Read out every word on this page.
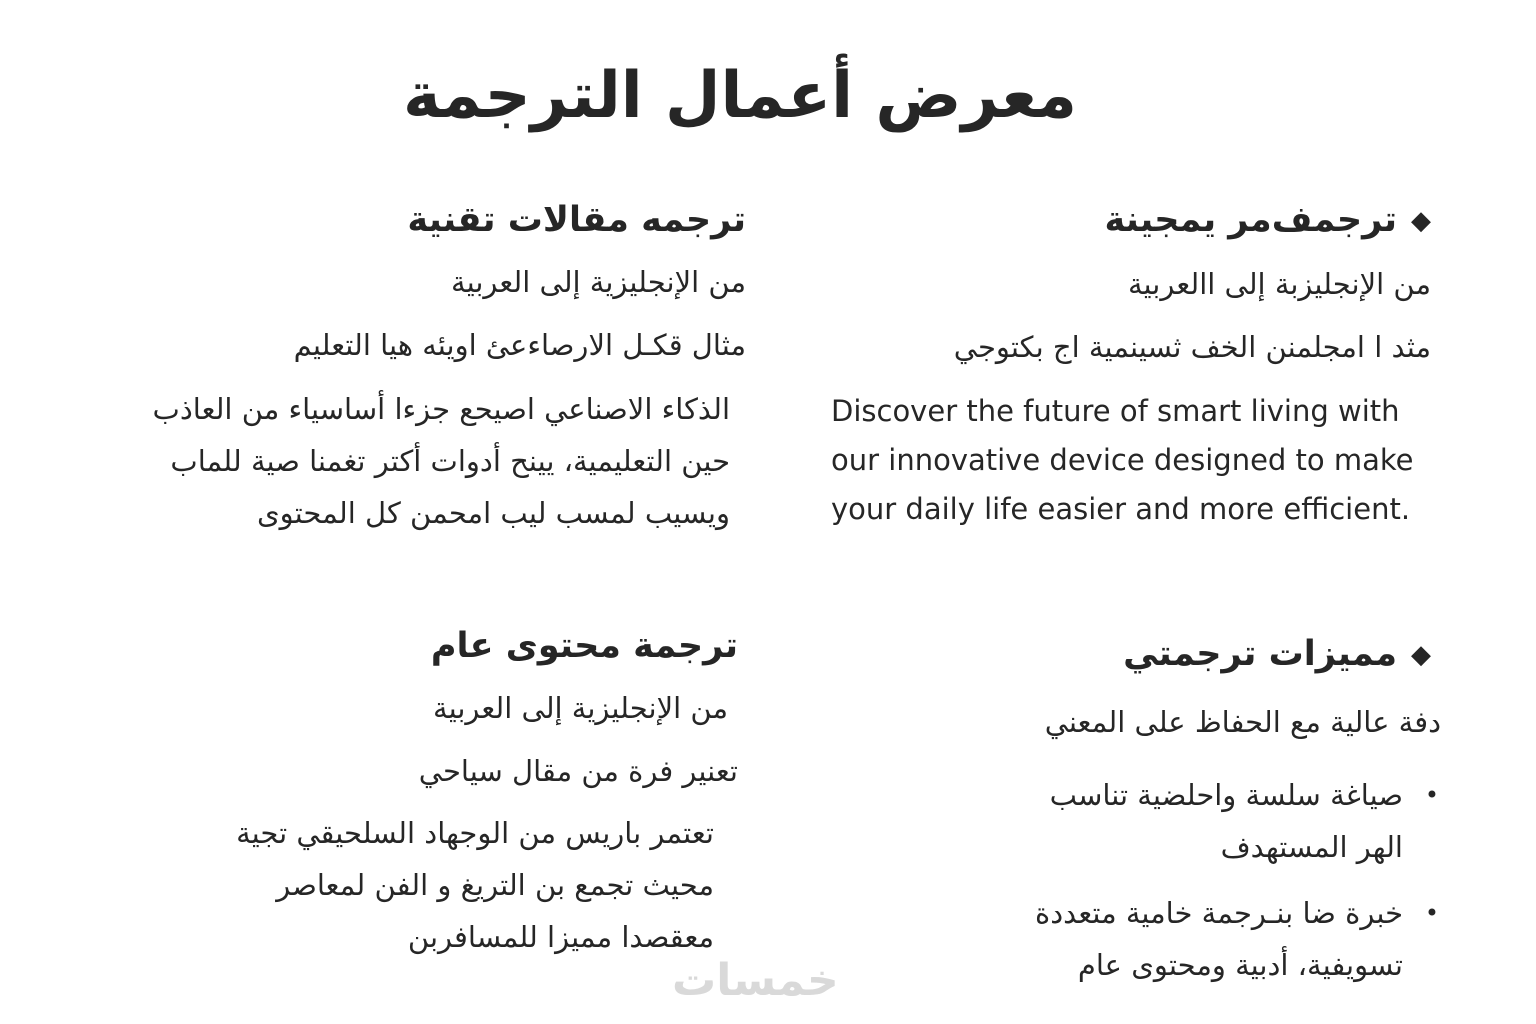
معرض أعمال الترجمة
◆
ترجمف‌مر يمجينة

من الإنجليزبة إلى االعربية

مثد ا امجلمنن الخف ثسينمية اج بكتوجي

Discover the future of smart living with our innovative device designed to make your daily life easier and more efficient.

◆
مميزات ترجمتي

دفة عالية مع الحفاظ على المعني

•
صياغة سلسة واحلضية تناسب
الهر المستهدف
•
خبرة ضا بنـرجمة خامية متعددة
تسويفية، أدبية ومحتوى عام
ترجمه مقالات تقنية

من الإنجليزية إلى العربية

مثال قكـل الارصاءعئ اويئه هيا التعليم

الذكاء الاصناعي اصيحع جزءا أساسياء من العاذب

حين التعليمية، يينح أدوات أكتر تغمنا صية للماب

ويسيب لمسب ليب امحمن كل المحتوى

ترجمة محتوى عام

من الإنجليزية إلى العربية

تعنير فرة من مقال سياحي

تعتمر باريس من الوجهاد السلحيقي تجية

محيث تجمع بن التريغ و الفن لمعاصر

معقصدا مميزا للمسافربن

خمسات
